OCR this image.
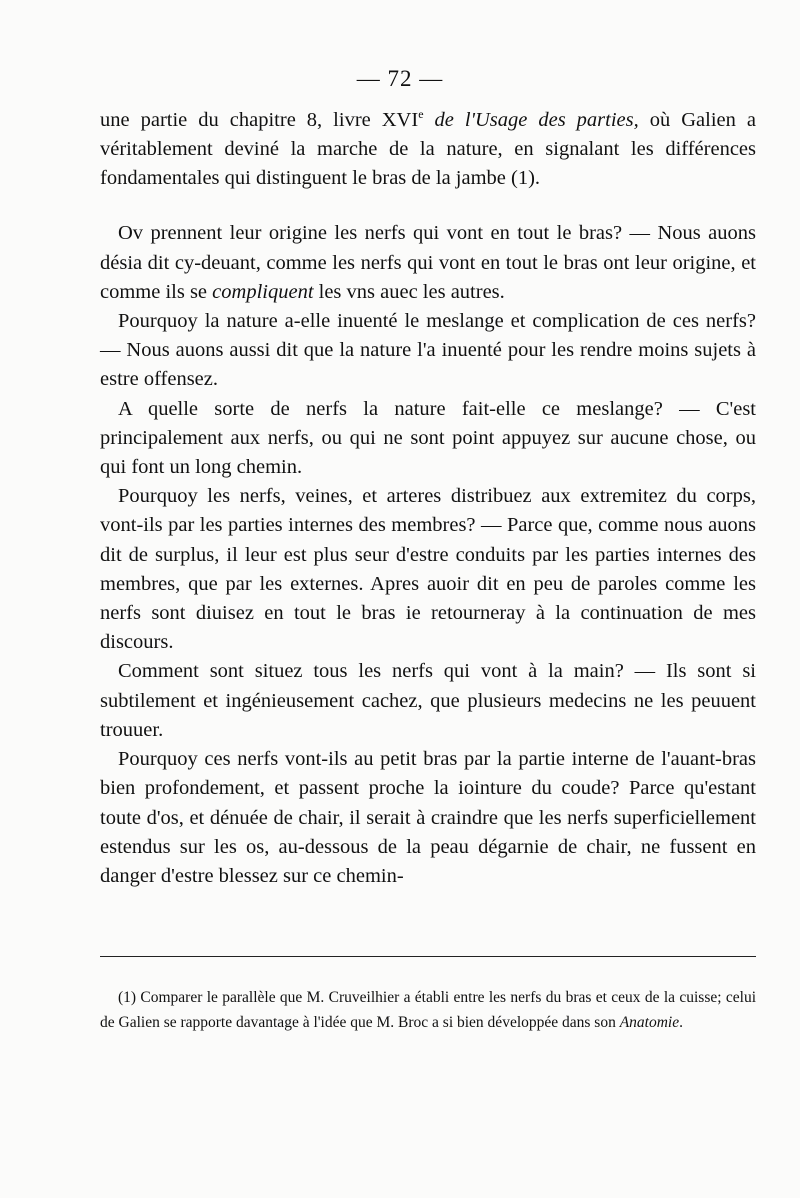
— 72 —

une partie du chapitre 8, livre XVIe de l'Usage des parties, où Galien a véritablement deviné la marche de la nature, en signalant les différences fondamentales qui distinguent le bras de la jambe (1).

Ov prennent leur origine les nerfs qui vont en tout le bras? — Nous auons désia dit cy-deuant, comme les nerfs qui vont en tout le bras ont leur origine, et comme ils se compliquent les vns auec les autres.

Pourquoy la nature a-elle inuenté le meslange et complication de ces nerfs? — Nous auons aussi dit que la nature l'a inuenté pour les rendre moins sujets à estre offensez.

A quelle sorte de nerfs la nature fait-elle ce meslange? — C'est principalement aux nerfs, ou qui ne sont point appuyez sur aucune chose, ou qui font un long chemin.

Pourquoy les nerfs, veines, et arteres distribuez aux extremitez du corps, vont-ils par les parties internes des membres? — Parce que, comme nous auons dit de surplus, il leur est plus seur d'estre conduits par les parties internes des membres, que par les externes. Apres auoir dit en peu de paroles comme les nerfs sont diuisez en tout le bras ie retourneray à la continuation de mes discours.

Comment sont situez tous les nerfs qui vont à la main? — Ils sont si subtilement et ingénieusement cachez, que plusieurs medecins ne les peuuent trouuer.

Pourquoy ces nerfs vont-ils au petit bras par la partie interne de l'auant-bras bien profondement, et passent proche la iointure du coude? Parce qu'estant toute d'os, et dénuée de chair, il serait à craindre que les nerfs superficiellement estendus sur les os, au-dessous de la peau dégarnie de chair, ne fussent en danger d'estre blessez sur ce chemin-

(1) Comparer le parallèle que M. Cruveilhier a établi entre les nerfs du bras et ceux de la cuisse; celui de Galien se rapporte davantage à l'idée que M. Broc a si bien développée dans son Anatomie.
